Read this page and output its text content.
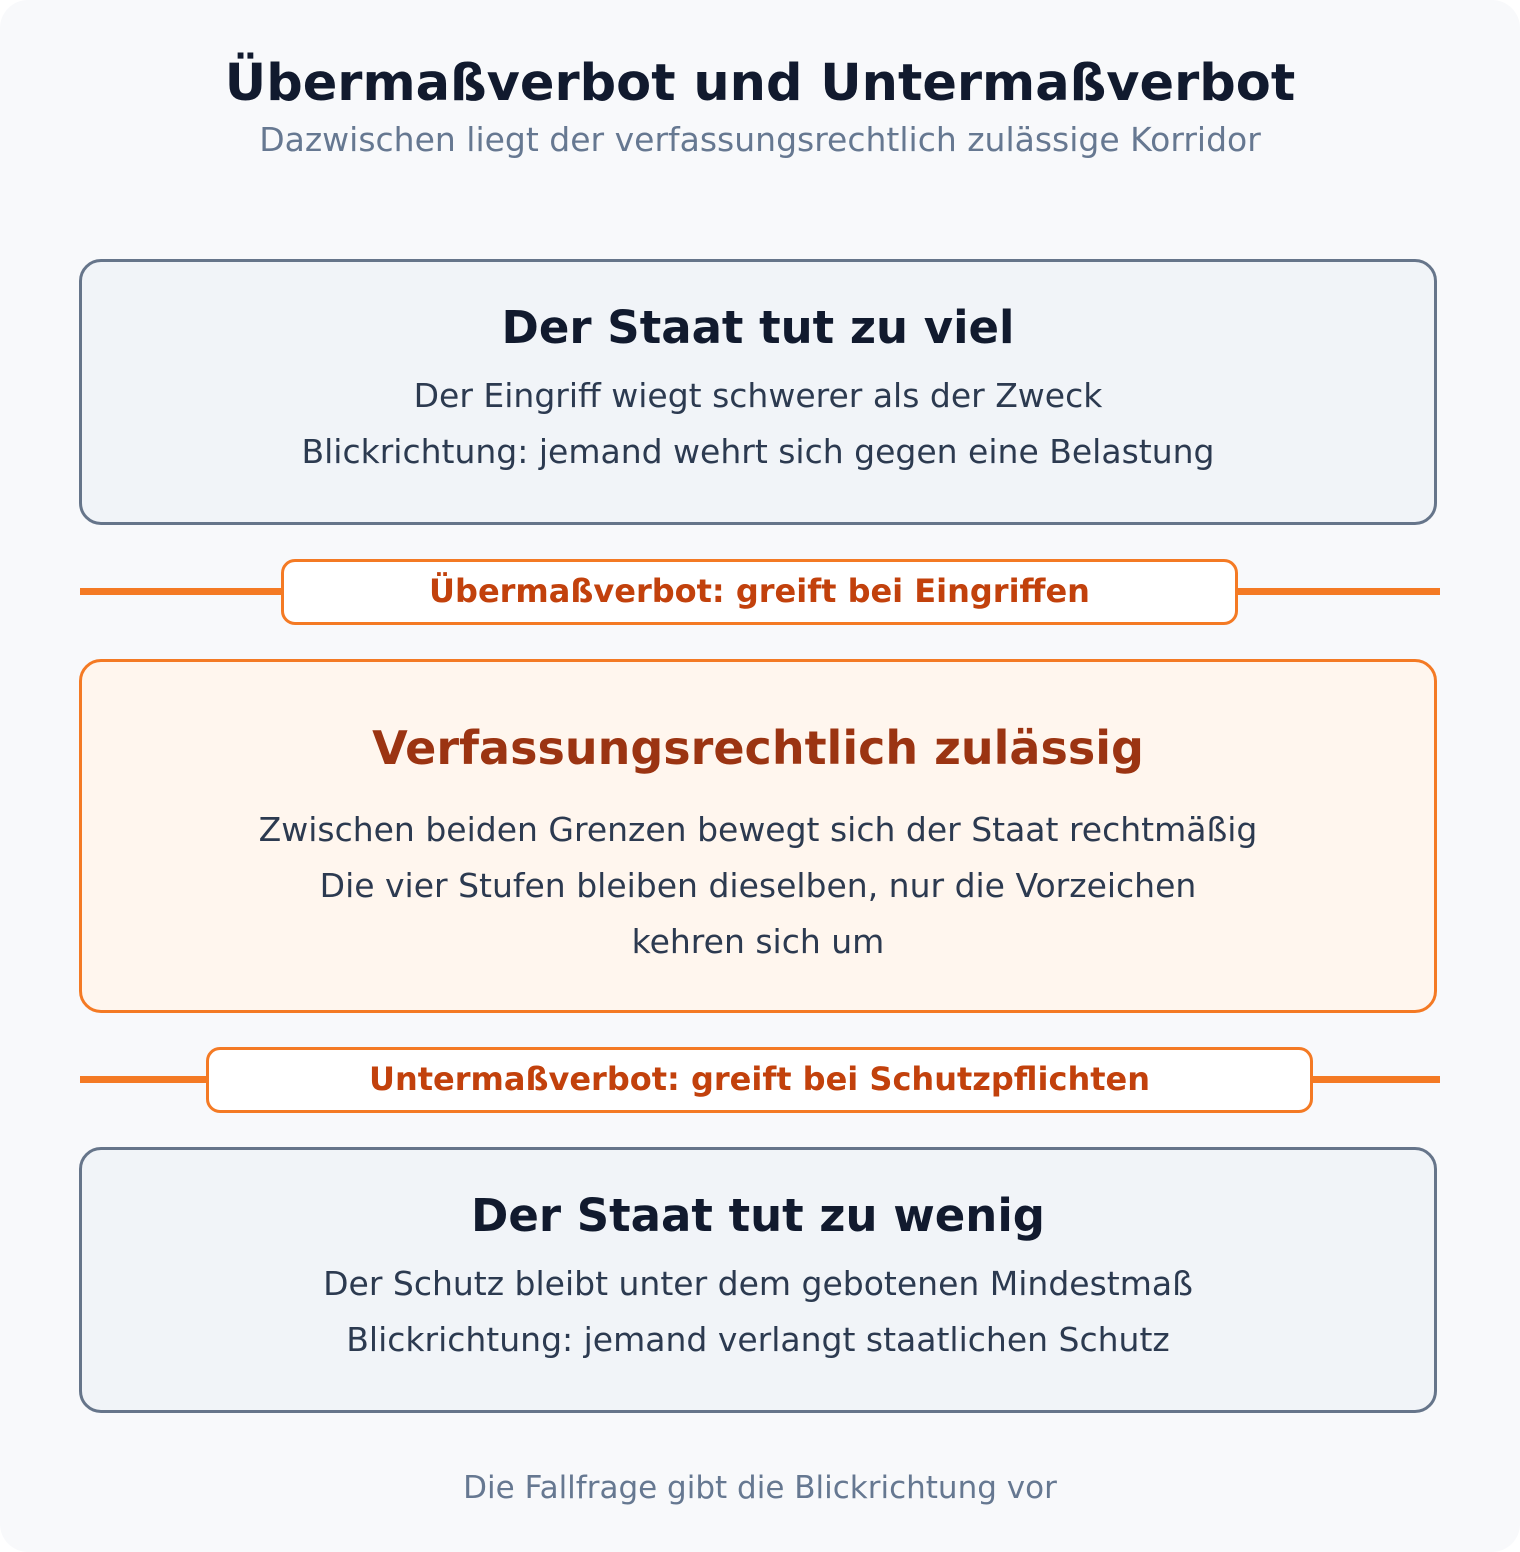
Übermaßverbot und Untermaßverbot
Dazwischen liegt der verfassungsrechtlich zulässige Korridor
Der Staat tut zu viel
Der Eingriff wiegt schwerer als der Zweck
Blickrichtung: jemand wehrt sich gegen eine Belastung
Übermaßverbot: greift bei Eingriffen
Verfassungsrechtlich zulässig
Zwischen beiden Grenzen bewegt sich der Staat rechtmäßig
Die vier Stufen bleiben dieselben, nur die Vorzeichen
kehren sich um
Untermaßverbot: greift bei Schutzpflichten
Der Staat tut zu wenig
Der Schutz bleibt unter dem gebotenen Mindestmaß
Blickrichtung: jemand verlangt staatlichen Schutz
Die Fallfrage gibt die Blickrichtung vor
